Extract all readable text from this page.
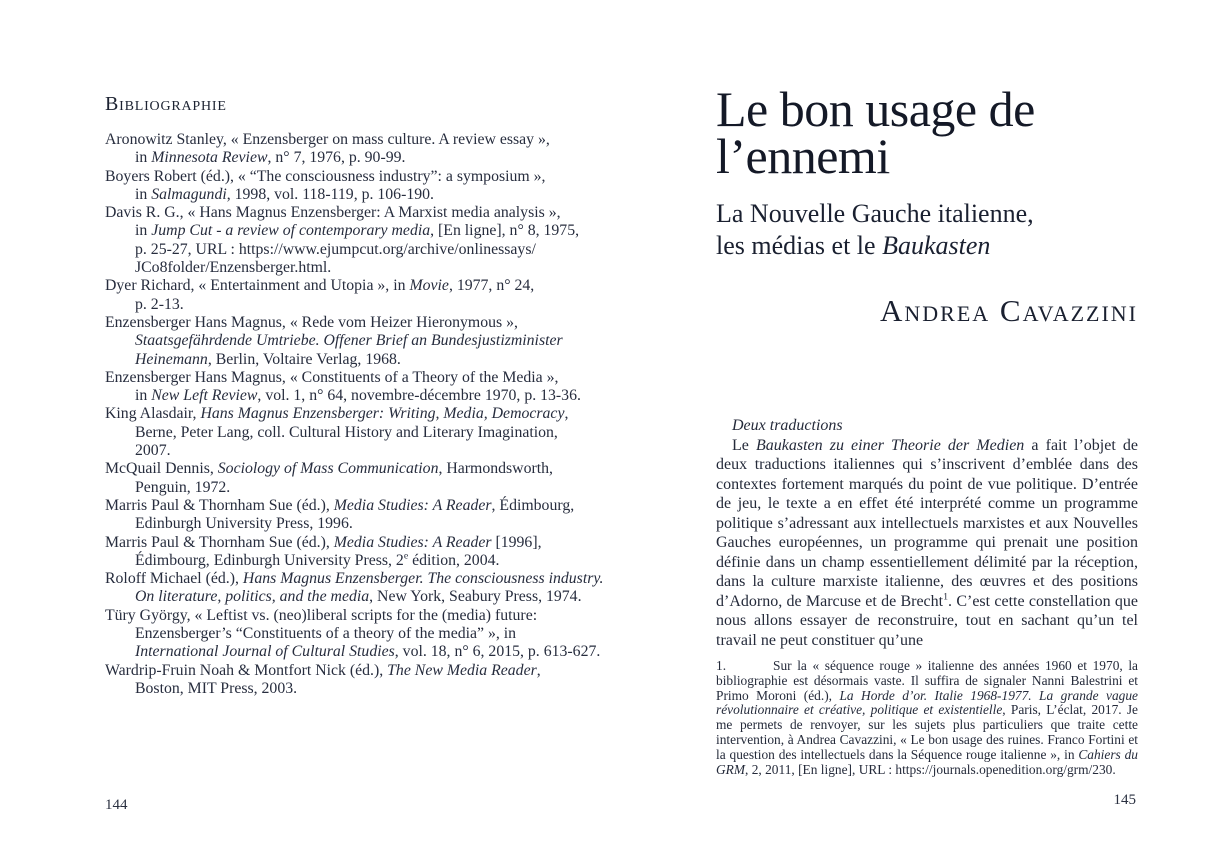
Bibliographie
Aronowitz Stanley, « Enzensberger on mass culture. A review essay »,
in Minnesota Review, n° 7, 1976, p. 90-99.
Boyers Robert (éd.), « “The consciousness industry”: a symposium »,
in Salmagundi, 1998, vol. 118-119, p. 106-190.
Davis R. G., « Hans Magnus Enzensberger: A Marxist media analysis »,
in Jump Cut - a review of contemporary media, [En ligne], n° 8, 1975,
p. 25-27, URL : https://www.ejumpcut.org/archive/onlinessays/
JCo8folder/Enzensberger.html.
Dyer Richard, « Entertainment and Utopia », in Movie, 1977, n° 24,
p. 2-13.
Enzensberger Hans Magnus, « Rede vom Heizer Hieronymous »,
Staatsgefährdende Umtriebe. Offener Brief an Bundesjustizminister
Heinemann, Berlin, Voltaire Verlag, 1968.
Enzensberger Hans Magnus, « Constituents of a Theory of the Media »,
in New Left Review, vol. 1, n° 64, novembre-décembre 1970, p. 13-36.
King Alasdair, Hans Magnus Enzensberger: Writing, Media, Democracy,
Berne, Peter Lang, coll. Cultural History and Literary Imagination,
2007.
McQuail Dennis, Sociology of Mass Communication, Harmondsworth,
Penguin, 1972.
Marris Paul & Thornham Sue (éd.), Media Studies: A Reader, Édimbourg,
Edinburgh University Press, 1996.
Marris Paul & Thornham Sue (éd.), Media Studies: A Reader [1996],
Édimbourg, Edinburgh University Press, 2e édition, 2004.
Roloff Michael (éd.), Hans Magnus Enzensberger. The consciousness industry.
On literature, politics, and the media, New York, Seabury Press, 1974.
Türy György, « Leftist vs. (neo)liberal scripts for the (media) future:
Enzensberger’s “Constituents of a theory of the media” », in
International Journal of Cultural Studies, vol. 18, n° 6, 2015, p. 613-627.
Wardrip-Fruin Noah & Montfort Nick (éd.), The New Media Reader,
Boston, MIT Press, 2003.
144
Le bon usage de
l’ennemi
La Nouvelle Gauche italienne,
les médias et le Baukasten
Andrea Cavazzini
Deux traductions

Le Baukasten zu einer Theorie der Medien a fait l’objet de deux traductions italiennes qui s’inscrivent d’emblée dans des contextes fortement marqués du point de vue politique. D’entrée de jeu, le texte a en effet été interprété comme un programme politique s’adressant aux intellectuels marxistes et aux Nouvelles Gauches européennes, un programme qui prenait une position définie dans un champ essentiellement délimité par la réception, dans la culture marxiste italienne, des œuvres et des positions d’Adorno, de Marcuse et de Brecht$^1$. C’est cette constellation que nous allons essayer de reconstruire, tout en sachant qu’un tel travail ne peut constituer qu’une

1.	Sur la « séquence rouge » italienne des années 1960 et 1970, la bibliographie est désormais vaste. Il suffira de signaler Nanni Balestrini et Primo Moroni (éd.), La Horde d’or. Italie 1968-1977. La grande vague révolutionnaire et créative, politique et existentielle, Paris, L’éclat, 2017. Je me permets de renvoyer, sur les sujets plus particuliers que traite cette intervention, à Andrea Cavazzini, « Le bon usage des ruines. Franco Fortini et la question des intellectuels dans la Séquence rouge italienne », in Cahiers du GRM, 2, 2011, [En ligne], URL : https://journals.openedition.org/grm/230.
145
